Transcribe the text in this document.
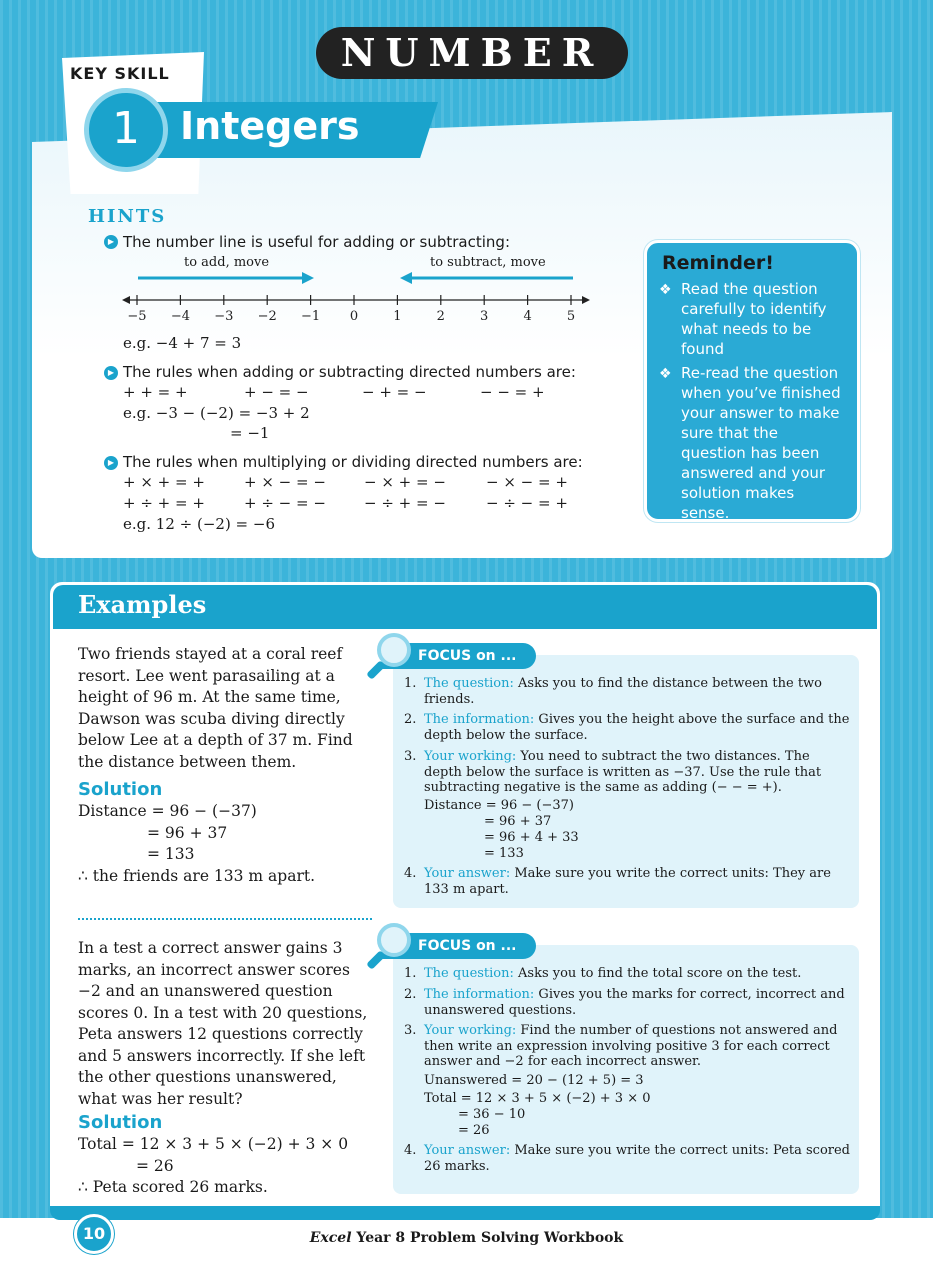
NUMBER
KEY SKILL
1	Integers
HINTS
▶ The number line is useful for adding or subtracting:
to add, move	to subtract, move
−5 −4 −3 −2 −1 0	1	2	3	4	5
e.g. −4 + 7 = 3
▶ The rules when adding or subtracting directed numbers are:
+ + = +	+ − = −	− + = −	− − = +
e.g. −3 − (−2) = −3 + 2
= −1
▶ The rules when multiplying or dividing directed numbers are:
+ × + = +	+ × − = −	− × + = −	− × − = +
+ ÷ + = +	+ ÷ − = −	− ÷ + = −	− ÷ − = +
e.g. 12 ÷ (−2) = −6
Reminder!
❖ Read the question carefully to identify what needs to be found
❖ Re-read the question when you’ve finished your answer to make sure that the question has been answered and your solution makes sense.
Examples
Two friends stayed at a coral reef resort. Lee went parasailing at a height of 96 m. At the same time, Dawson was scuba diving directly below Lee at a depth of 37 m. Find the distance between them.
Solution
Distance = 96 − (−37)
= 96 + 37
= 133
∴ the friends are 133 m apart.
FOCUS on ...
1. The question: Asks you to find the distance between the two friends.
2. The information: Gives you the height above the surface and the depth below the surface.
3. Your working: You need to subtract the two distances. The depth below the surface is written as −37. Use the rule that subtracting negative is the same as adding (− − = +).
Distance = 96 − (−37)
= 96 + 37
= 96 + 4 + 33
= 133
4. Your answer: Make sure you write the correct units: They are 133 m apart.
In a test a correct answer gains 3 marks, an incorrect answer scores −2 and an unanswered question scores 0. In a test with 20 questions, Peta answers 12 questions correctly and 5 answers incorrectly. If she left the other questions unanswered, what was her result?
Solution
Total = 12 × 3 + 5 × (−2) + 3 × 0
= 26
∴ Peta scored 26 marks.
FOCUS on ...
1. The question: Asks you to find the total score on the test.
2. The information: Gives you the marks for correct, incorrect and unanswered questions.
3. Your working: Find the number of questions not answered and then write an expression involving positive 3 for each correct answer and −2 for each incorrect answer.
Unanswered = 20 − (12 + 5) = 3
Total = 12 × 3 + 5 × (−2) + 3 × 0
= 36 − 10
= 26
4. Your answer: Make sure you write the correct units: Peta scored 26 marks.
10	Excel Year 8 Problem Solving Workbook
